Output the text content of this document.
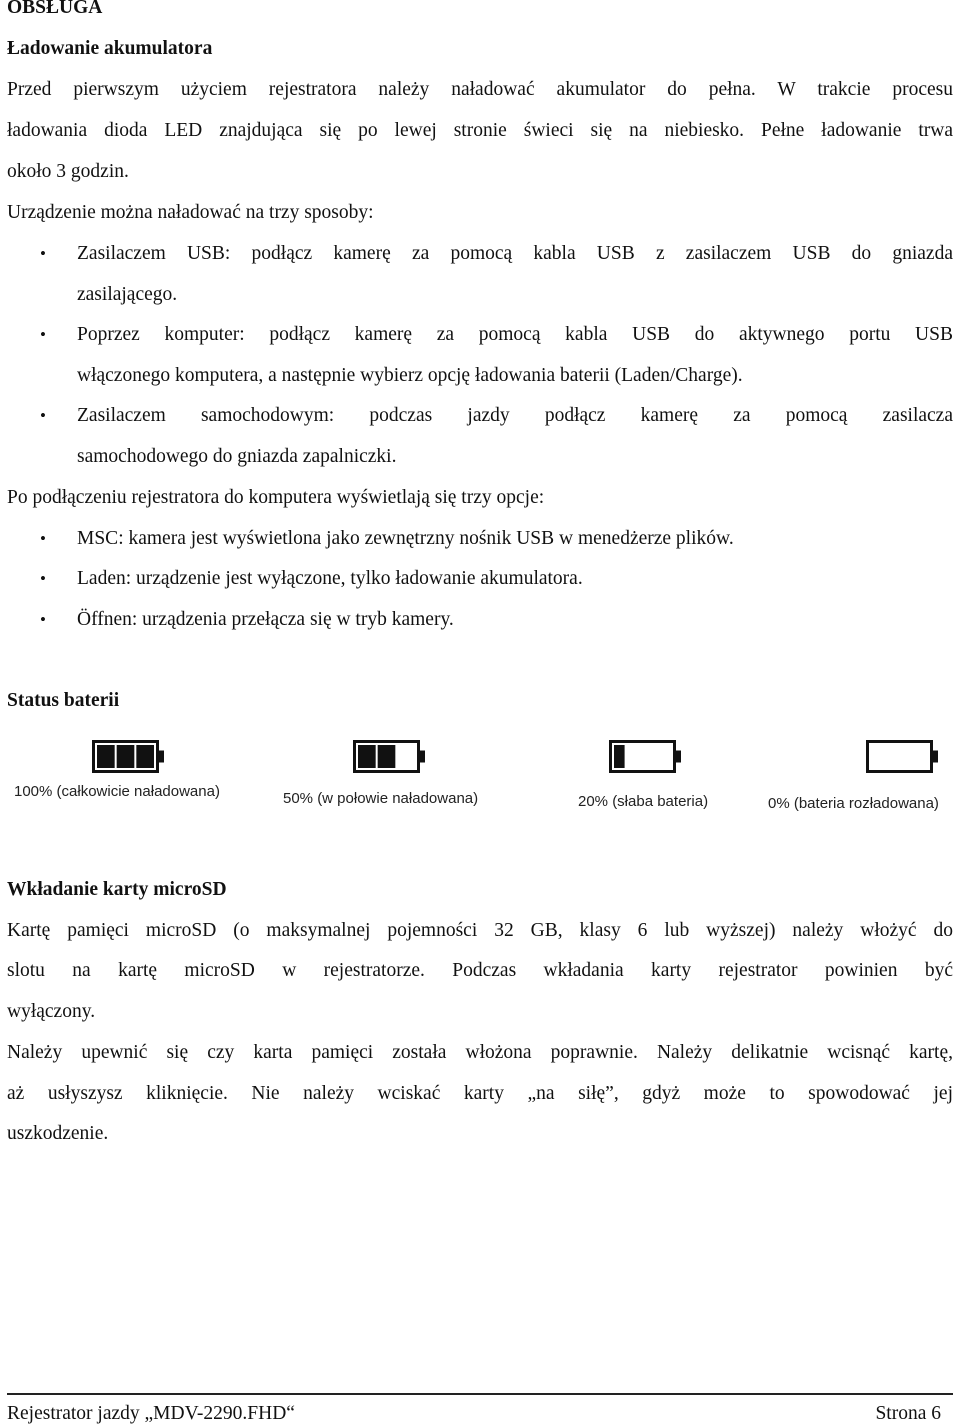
OBSŁUGA
Ładowanie akumulatora
Przed pierwszym użyciem rejestratora należy naładować akumulator do pełna. W trakcie procesu
ładowania dioda LED znajdująca się po lewej stronie świeci się na niebiesko. Pełne ładowanie trwa
około 3 godzin.
Urządzenie można naładować na trzy sposoby:
• Zasilaczem USB: podłącz kamerę za pomocą kabla USB z zasilaczem USB do gniazda
zasilającego.
• Poprzez komputer: podłącz kamerę za pomocą kabla USB do aktywnego portu USB
włączonego komputera, a następnie wybierz opcję ładowania baterii (Laden/Charge).
• Zasilaczem samochodowym: podczas jazdy podłącz kamerę za pomocą zasilacza
samochodowego do gniazda zapalniczki.
Po podłączeniu rejestratora do komputera wyświetlają się trzy opcje:
• MSC: kamera jest wyświetlona jako zewnętrzny nośnik USB w menedżerze plików.
• Laden: urządzenie jest wyłączone, tylko ładowanie akumulatora.
• Öffnen: urządzenia przełącza się w tryb kamery.
Status baterii
100% (całkowicie naładowana)	50% (w połowie naładowana)	20% (słaba bateria)	0% (bateria rozładowana)
Wkładanie karty microSD
Kartę pamięci microSD (o maksymalnej pojemności 32 GB, klasy 6 lub wyższej) należy włożyć do
slotu na kartę microSD w rejestratorze. Podczas wkładania karty rejestrator powinien być
wyłączony.
Należy upewnić się czy karta pamięci została włożona poprawnie. Należy delikatnie wcisnąć kartę,
aż usłyszysz kliknięcie. Nie należy wciskać karty „na siłę”, gdyż może to spowodować jej
uszkodzenie.
Rejestrator jazdy „MDV-2290.FHD“	Strona 6
